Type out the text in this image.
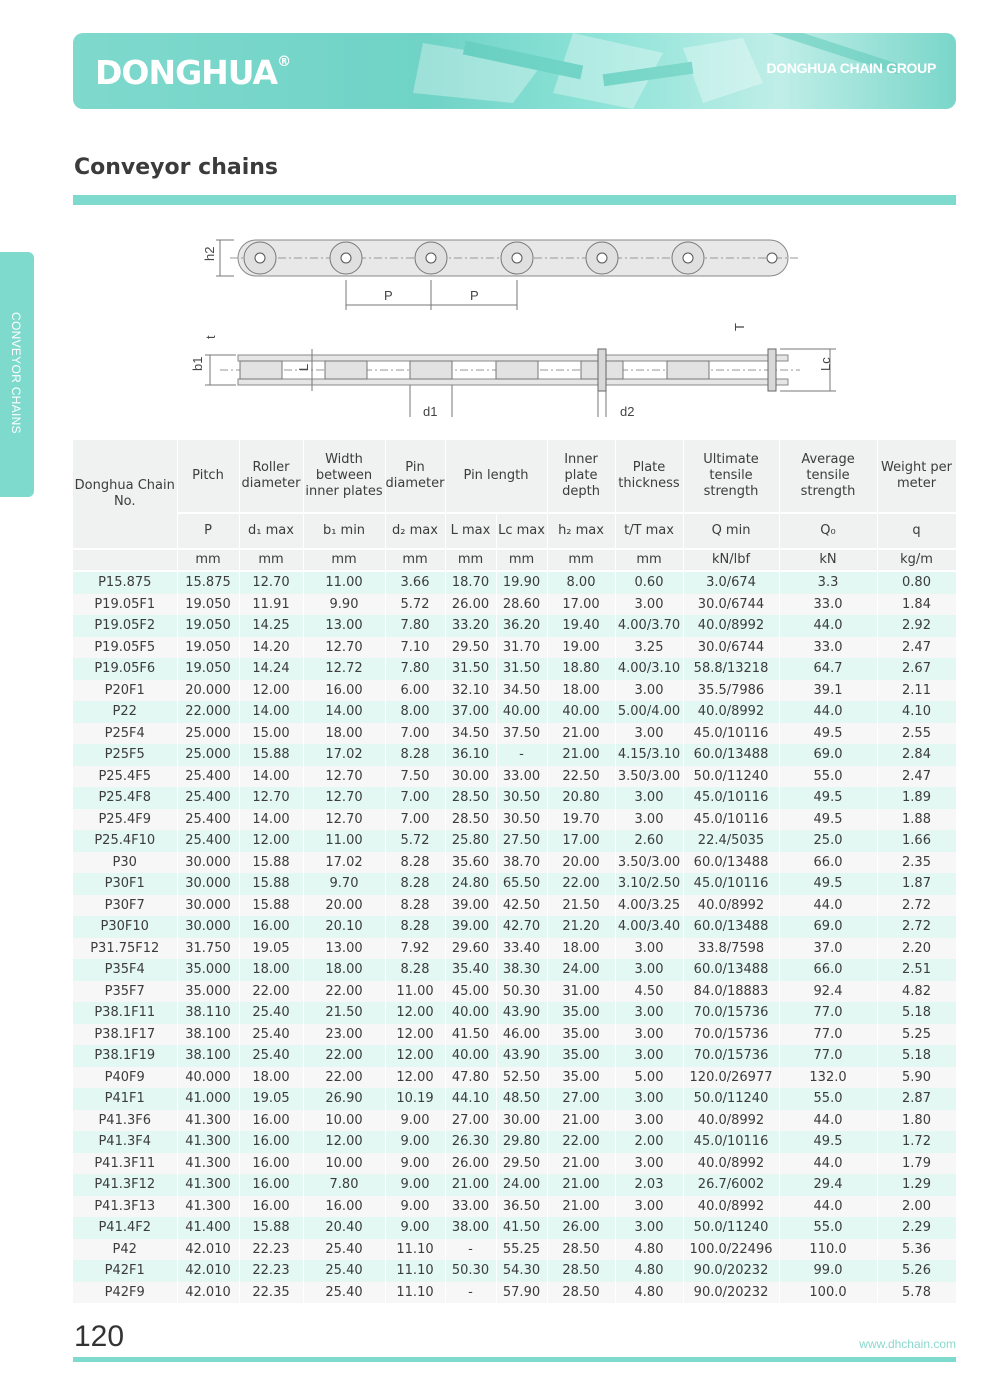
DONGHUA®	DONGHUA CHAIN GROUP
CONVEYOR CHAINS
Conveyor chains
h2
P	P
b1
t
L
T
Lc
d1	d2
Donghua Chain No.	Pitch	Roller diameter	Width between inner plates	Pin diameter	Pin length		Inner plate depth	Plate thickness	Ultimate tensile strength	Average tensile strength	Weight per meter
	P	d₁ max	b₁ min	d₂ max	L max	Lc max	h₂ max	t/T max	Q min	Q₀	q
	mm	mm	mm	mm	mm	mm	mm	mm	kN/lbf	kN	kg/m
P15.875	15.875	12.70	11.00	3.66	18.70	19.90	8.00	0.60	3.0/674	3.3	0.80
P19.05F1	19.050	11.91	9.90	5.72	26.00	28.60	17.00	3.00	30.0/6744	33.0	1.84
P19.05F2	19.050	14.25	13.00	7.80	33.20	36.20	19.40	4.00/3.70	40.0/8992	44.0	2.92
P19.05F5	19.050	14.20	12.70	7.10	29.50	31.70	19.00	3.25	30.0/6744	33.0	2.47
P19.05F6	19.050	14.24	12.72	7.80	31.50	31.50	18.80	4.00/3.10	58.8/13218	64.7	2.67
P20F1	20.000	12.00	16.00	6.00	32.10	34.50	18.00	3.00	35.5/7986	39.1	2.11
P22	22.000	14.00	14.00	8.00	37.00	40.00	40.00	5.00/4.00	40.0/8992	44.0	4.10
P25F4	25.000	15.00	18.00	7.00	34.50	37.50	21.00	3.00	45.0/10116	49.5	2.55
P25F5	25.000	15.88	17.02	8.28	36.10	-	21.00	4.15/3.10	60.0/13488	69.0	2.84
P25.4F5	25.400	14.00	12.70	7.50	30.00	33.00	22.50	3.50/3.00	50.0/11240	55.0	2.47
P25.4F8	25.400	12.70	12.70	7.00	28.50	30.50	20.80	3.00	45.0/10116	49.5	1.89
P25.4F9	25.400	14.00	12.70	7.00	28.50	30.50	19.70	3.00	45.0/10116	49.5	1.88
P25.4F10	25.400	12.00	11.00	5.72	25.80	27.50	17.00	2.60	22.4/5035	25.0	1.66
P30	30.000	15.88	17.02	8.28	35.60	38.70	20.00	3.50/3.00	60.0/13488	66.0	2.35
P30F1	30.000	15.88	9.70	8.28	24.80	65.50	22.00	3.10/2.50	45.0/10116	49.5	1.87
P30F7	30.000	15.88	20.00	8.28	39.00	42.50	21.50	4.00/3.25	40.0/8992	44.0	2.72
P30F10	30.000	16.00	20.10	8.28	39.00	42.70	21.20	4.00/3.40	60.0/13488	69.0	2.72
P31.75F12	31.750	19.05	13.00	7.92	29.60	33.40	18.00	3.00	33.8/7598	37.0	2.20
P35F4	35.000	18.00	18.00	8.28	35.40	38.30	24.00	3.00	60.0/13488	66.0	2.51
P35F7	35.000	22.00	22.00	11.00	45.00	50.30	31.00	4.50	84.0/18883	92.4	4.82
P38.1F11	38.110	25.40	21.50	12.00	40.00	43.90	35.00	3.00	70.0/15736	77.0	5.18
P38.1F17	38.100	25.40	23.00	12.00	41.50	46.00	35.00	3.00	70.0/15736	77.0	5.25
P38.1F19	38.100	25.40	22.00	12.00	40.00	43.90	35.00	3.00	70.0/15736	77.0	5.18
P40F9	40.000	18.00	22.00	12.00	47.80	52.50	35.00	5.00	120.0/26977	132.0	5.90
P41F1	41.000	19.05	26.90	10.19	44.10	48.50	27.00	3.00	50.0/11240	55.0	2.87
P41.3F6	41.300	16.00	10.00	9.00	27.00	30.00	21.00	3.00	40.0/8992	44.0	1.80
P41.3F4	41.300	16.00	12.00	9.00	26.30	29.80	22.00	2.00	45.0/10116	49.5	1.72
P41.3F11	41.300	16.00	10.00	9.00	26.00	29.50	21.00	3.00	40.0/8992	44.0	1.79
P41.3F12	41.300	16.00	7.80	9.00	21.00	24.00	21.00	2.03	26.7/6002	29.4	1.29
P41.3F13	41.300	16.00	16.00	9.00	33.00	36.50	21.00	3.00	40.0/8992	44.0	2.00
P41.4F2	41.400	15.88	20.40	9.00	38.00	41.50	26.00	3.00	50.0/11240	55.0	2.29
P42	42.010	22.23	25.40	11.10	-	55.25	28.50	4.80	100.0/22496	110.0	5.36
P42F1	42.010	22.23	25.40	11.10	50.30	54.30	28.50	4.80	90.0/20232	99.0	5.26
P42F9	42.010	22.35	25.40	11.10	-	57.90	28.50	4.80	90.0/20232	100.0	5.78
120	www.dhchain.com
